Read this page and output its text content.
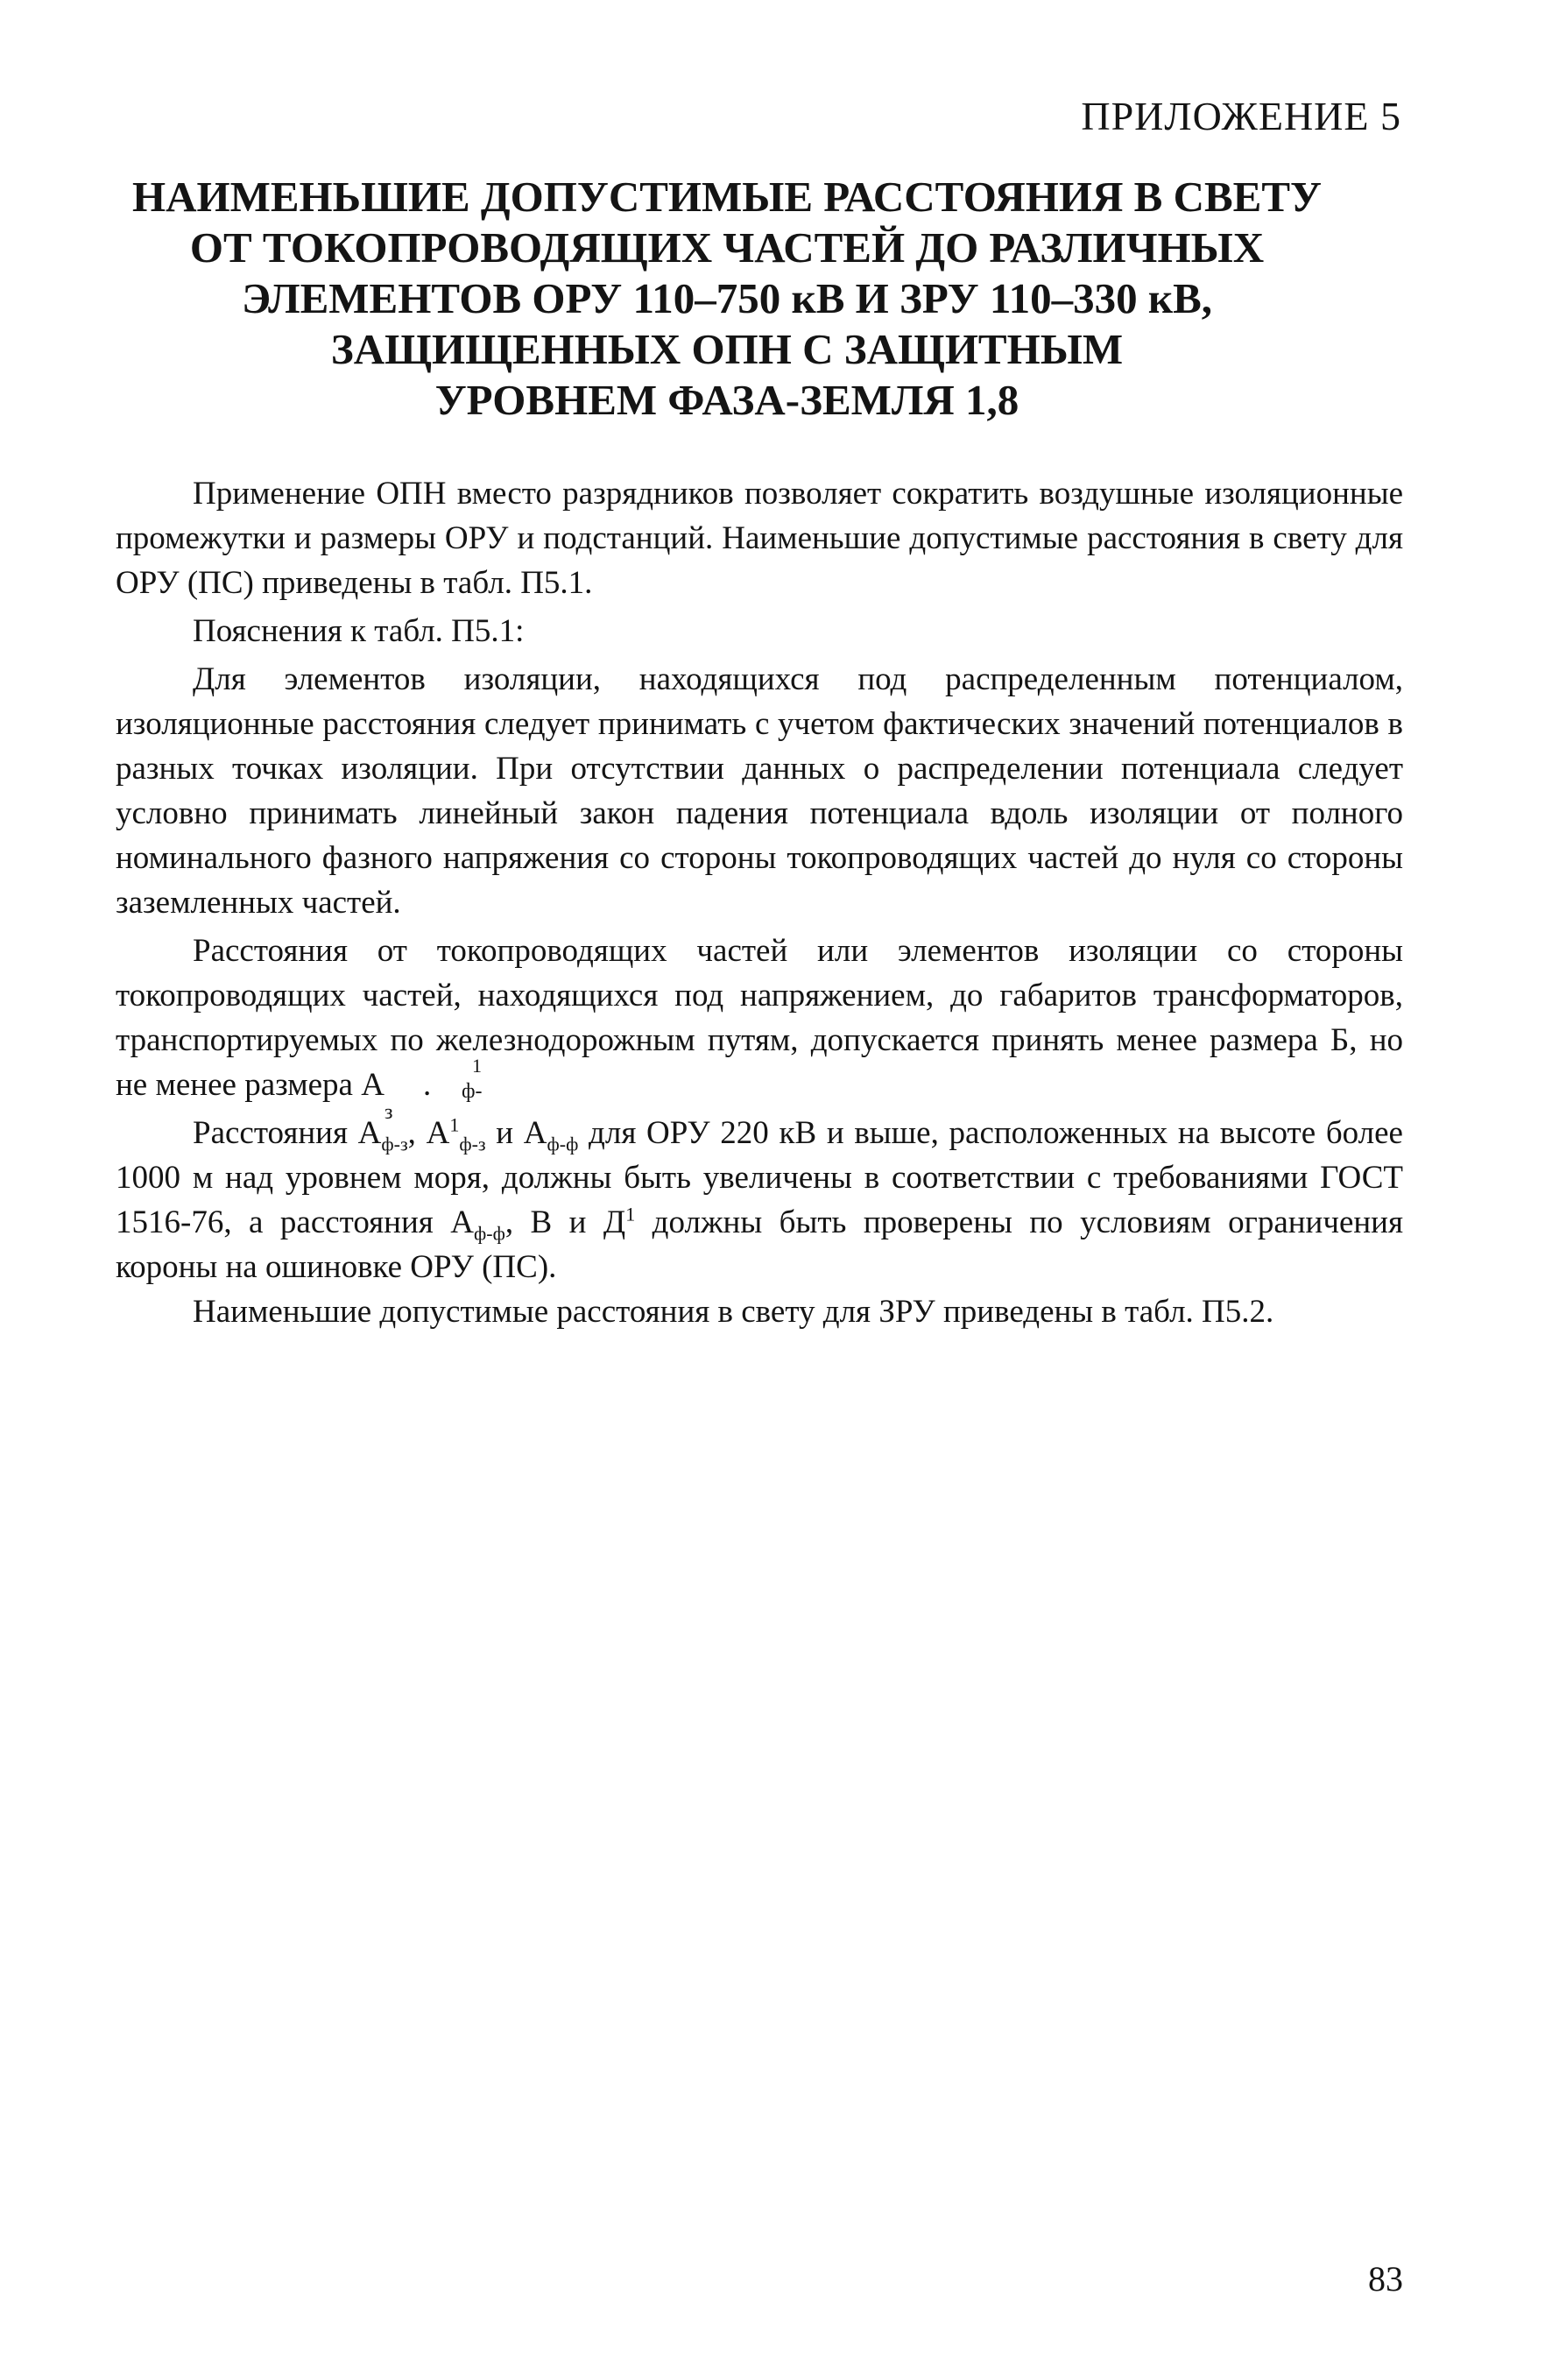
ПРИЛОЖЕНИЕ 5

НАИМЕНЬШИЕ ДОПУСТИМЫЕ РАССТОЯНИЯ В СВЕТУ
ОТ ТОКОПРОВОДЯЩИХ ЧАСТЕЙ ДО РАЗЛИЧНЫХ
ЭЛЕМЕНТОВ ОРУ 110–750 кВ И ЗРУ 110–330 кВ,
ЗАЩИЩЕННЫХ ОПН С ЗАЩИТНЫМ
УРОВНЕМ ФАЗА-ЗЕМЛЯ 1,8

Применение ОПН вместо разрядников позволяет сократить воздушные изоляционные промежутки и размеры ОРУ и подстанций. Наименьшие допустимые расстояния в свету для ОРУ (ПС) приведены в табл. П5.1.

Пояснения к табл. П5.1:

Для элементов изоляции, находящихся под распределенным потенциалом, изоляционные расстояния следует принимать с учетом фактических значений потенциалов в разных точках изоляции. При отсутствии данных о распределении потенциала следует условно принимать линейный закон падения потенциала вдоль изоляции от полного номинального фазного напряжения со стороны токопроводящих частей до нуля со стороны заземленных частей.

Расстояния от токопроводящих частей или элементов изоляции со стороны токопроводящих частей, находящихся под напряжением, до габаритов трансформаторов, транспортируемых по железнодорожным путям, допускается принять менее размера Б, но не менее размера А
1
ф-з
.

Расстояния $А_{ф-з}$, $А^1_{ф-з}$ и $А_{ф-ф}$ для ОРУ 220 кВ и выше, расположенных на высоте более 1000 м над уровнем моря, должны быть увеличены в соответствии с требованиями ГОСТ 1516-76, а расстояния $А_{ф-ф}$, В и $Д^1$ должны быть проверены по условиям ограничения короны на ошиновке ОРУ (ПС).

Наименьшие допустимые расстояния в свету для ЗРУ приведены в табл. П5.2.

83
